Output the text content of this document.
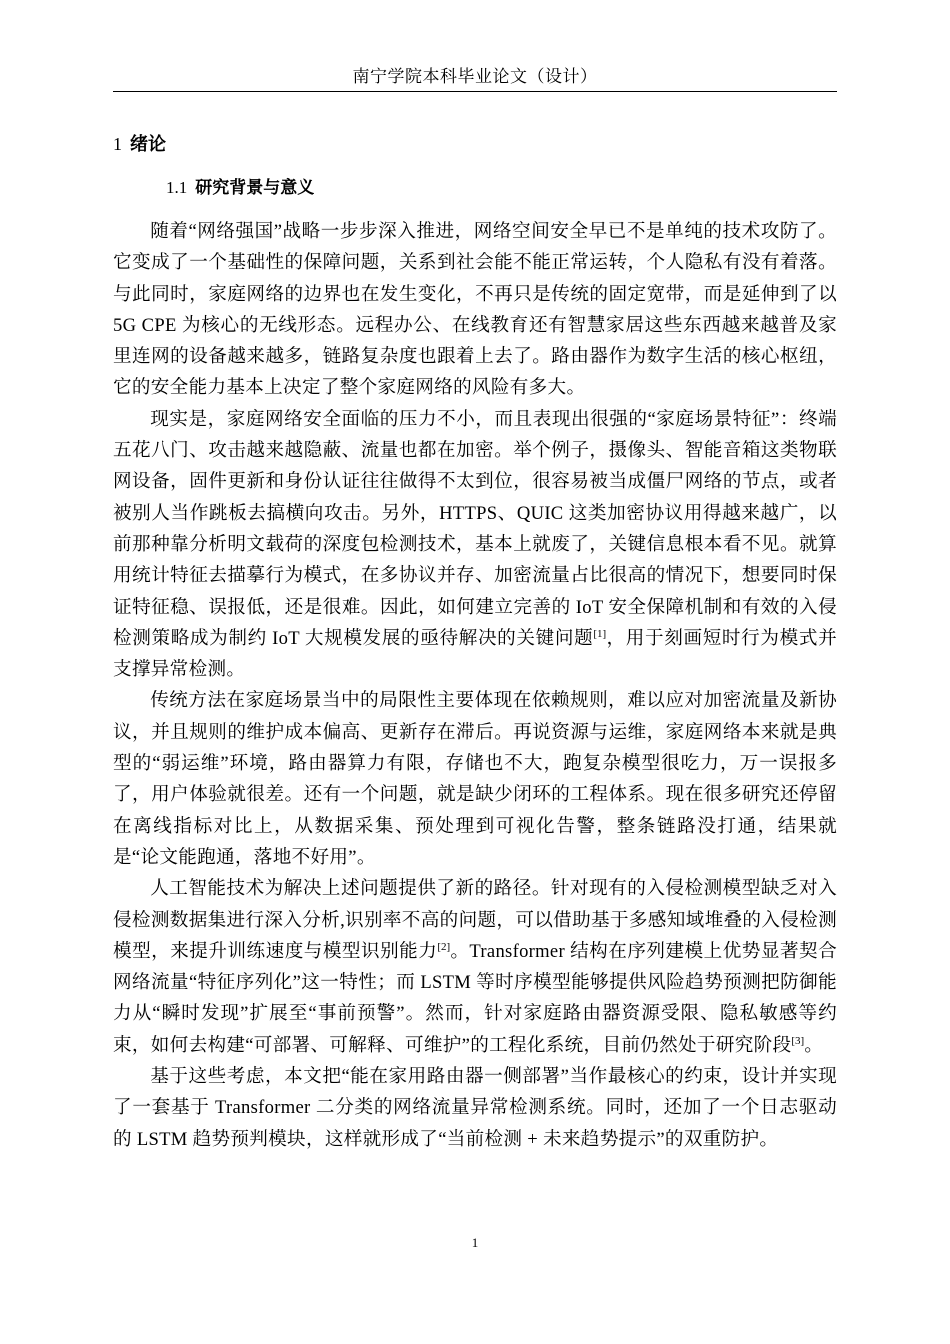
南宁学院本科毕业论文（设计）
1 绪论
1.1 研究背景与意义

随着“网络强国”战略一步步深入推进，网络空间安全早已不是单纯的技术攻防了。它变成了一个基础性的保障问题，关系到社会能不能正常运转，个人隐私有没有着落。与此同时，家庭网络的边界也在发生变化，不再只是传统的固定宽带，而是延伸到了以 5G CPE 为核心的无线形态。远程办公、在线教育还有智慧家居这些东西越来越普及家里连网的设备越来越多，链路复杂度也跟着上去了。路由器作为数字生活的核心枢纽，它的安全能力基本上决定了整个家庭网络的风险有多大。

现实是，家庭网络安全面临的压力不小，而且表现出很强的“家庭场景特征”：终端五花八门、攻击越来越隐蔽、流量也都在加密。举个例子，摄像头、智能音箱这类物联网设备，固件更新和身份认证往往做得不太到位，很容易被当成僵尸网络的节点，或者被别人当作跳板去搞横向攻击。另外，HTTPS、QUIC 这类加密协议用得越来越广，以前那种靠分析明文载荷的深度包检测技术，基本上就废了，关键信息根本看不见。就算用统计特征去描摹行为模式，在多协议并存、加密流量占比很高的情况下，想要同时保证特征稳、误报低，还是很难。因此，如何建立完善的 IoT 安全保障机制和有效的入侵检测策略成为制约 IoT 大规模发展的亟待解决的关键问题[1]，用于刻画短时行为模式并支撑异常检测。

传统方法在家庭场景当中的局限性主要体现在依赖规则，难以应对加密流量及新协议，并且规则的维护成本偏高、更新存在滞后。再说资源与运维，家庭网络本来就是典型的“弱运维”环境，路由器算力有限，存储也不大，跑复杂模型很吃力，万一误报多了，用户体验就很差。还有一个问题，就是缺少闭环的工程体系。现在很多研究还停留在离线指标对比上，从数据采集、预处理到可视化告警，整条链路没打通，结果就是“论文能跑通，落地不好用”。

人工智能技术为解决上述问题提供了新的路径。针对现有的入侵检测模型缺乏对入侵检测数据集进行深入分析,识别率不高的问题，可以借助基于多感知域堆叠的入侵检测模型，来提升训练速度与模型识别能力[2]。Transformer 结构在序列建模上优势显著契合网络流量“特征序列化”这一特性；而 LSTM 等时序模型能够提供风险趋势预测把防御能力从“瞬时发现”扩展至“事前预警”。然而，针对家庭路由器资源受限、隐私敏感等约束，如何去构建“可部署、可解释、可维护”的工程化系统，目前仍然处于研究阶段[3]。

基于这些考虑，本文把“能在家用路由器一侧部署”当作最核心的约束，设计并实现了一套基于 Transformer 二分类的网络流量异常检测系统。同时，还加了一个日志驱动的 LSTM 趋势预判模块，这样就形成了“当前检测 + 未来趋势提示”的双重防护。

1
